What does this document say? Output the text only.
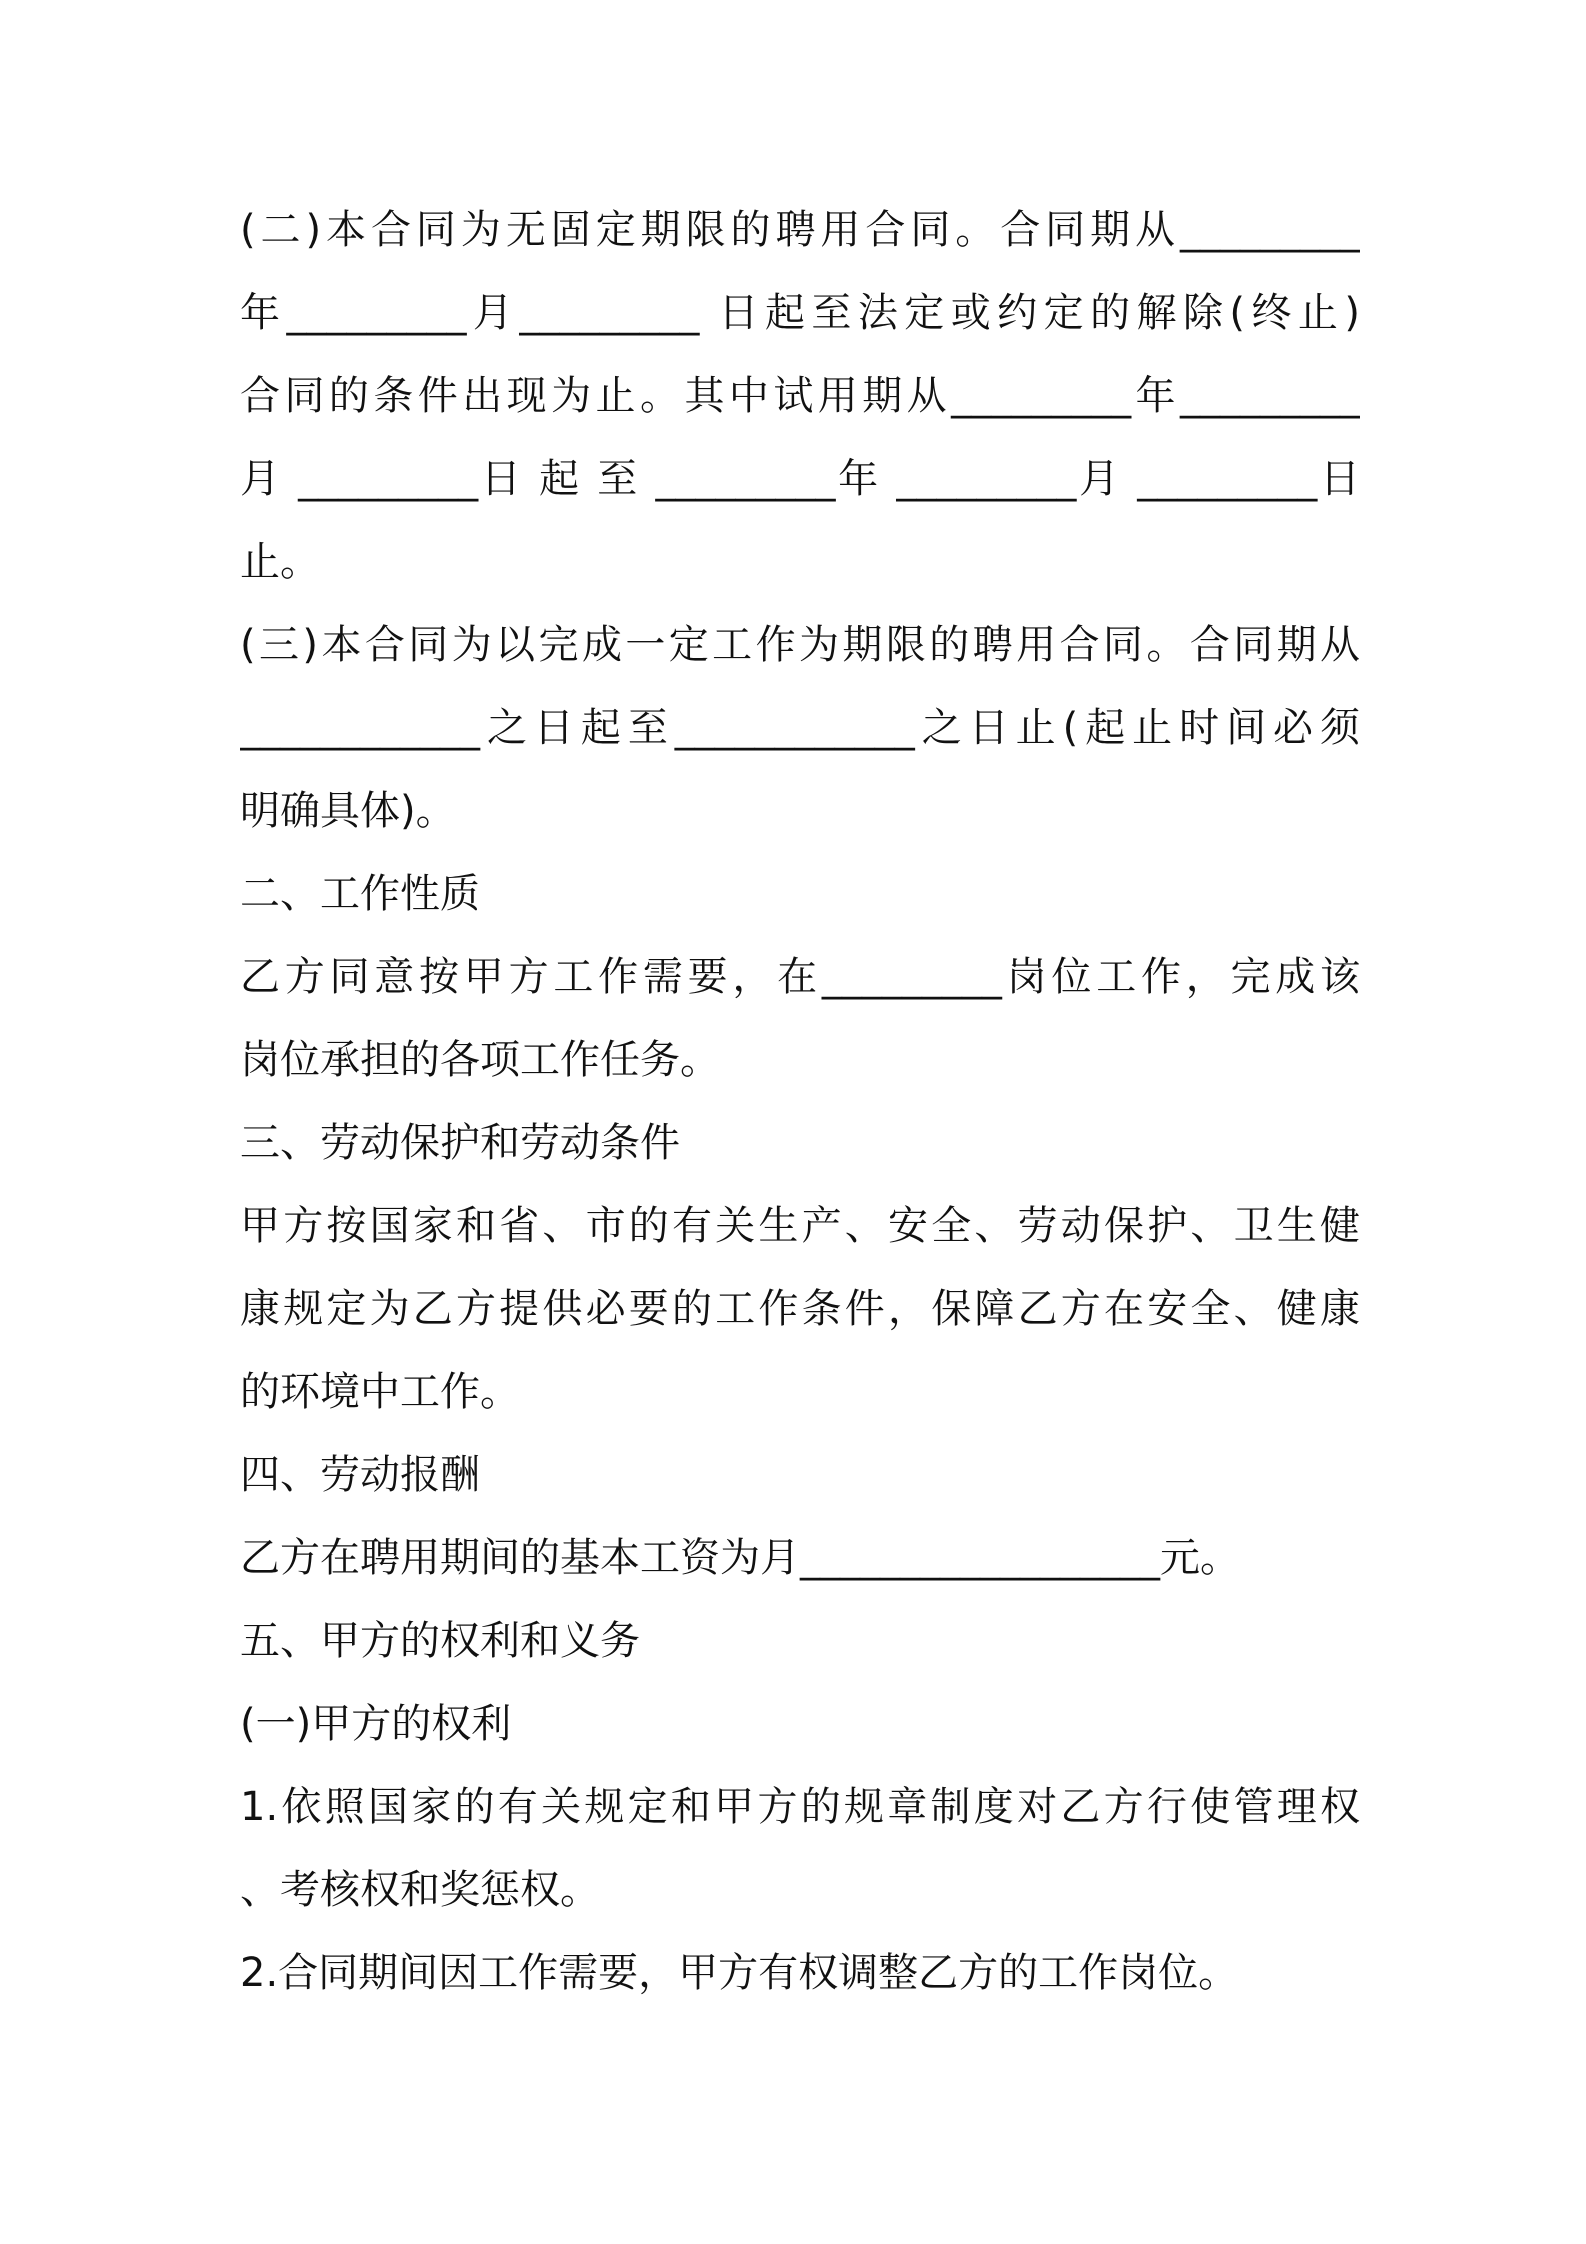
(二)本合同为无固定期限的聘用合同。合同期从_________

年_________月_________ 日起至法定或约定的解除(终止)

合同的条件出现为止。其中试用期从_________年_________

月 _________日 起 至 _________年 _________月 _________日

止。

(三)本合同为以完成一定工作为期限的聘用合同。合同期从

____________之日起至____________之日止(起止时间必须

明确具体)。

二、工作性质

乙方同意按甲方工作需要，在_________岗位工作，完成该

岗位承担的各项工作任务。

三、劳动保护和劳动条件

甲方按国家和省、市的有关生产、安全、劳动保护、卫生健

康规定为乙方提供必要的工作条件，保障乙方在安全、健康

的环境中工作。

四、劳动报酬

乙方在聘用期间的基本工资为月__________________元。

五、甲方的权利和义务

(一)甲方的权利

1.依照国家的有关规定和甲方的规章制度对乙方行使管理权

、考核权和奖惩权。

2.合同期间因工作需要，甲方有权调整乙方的工作岗位。
